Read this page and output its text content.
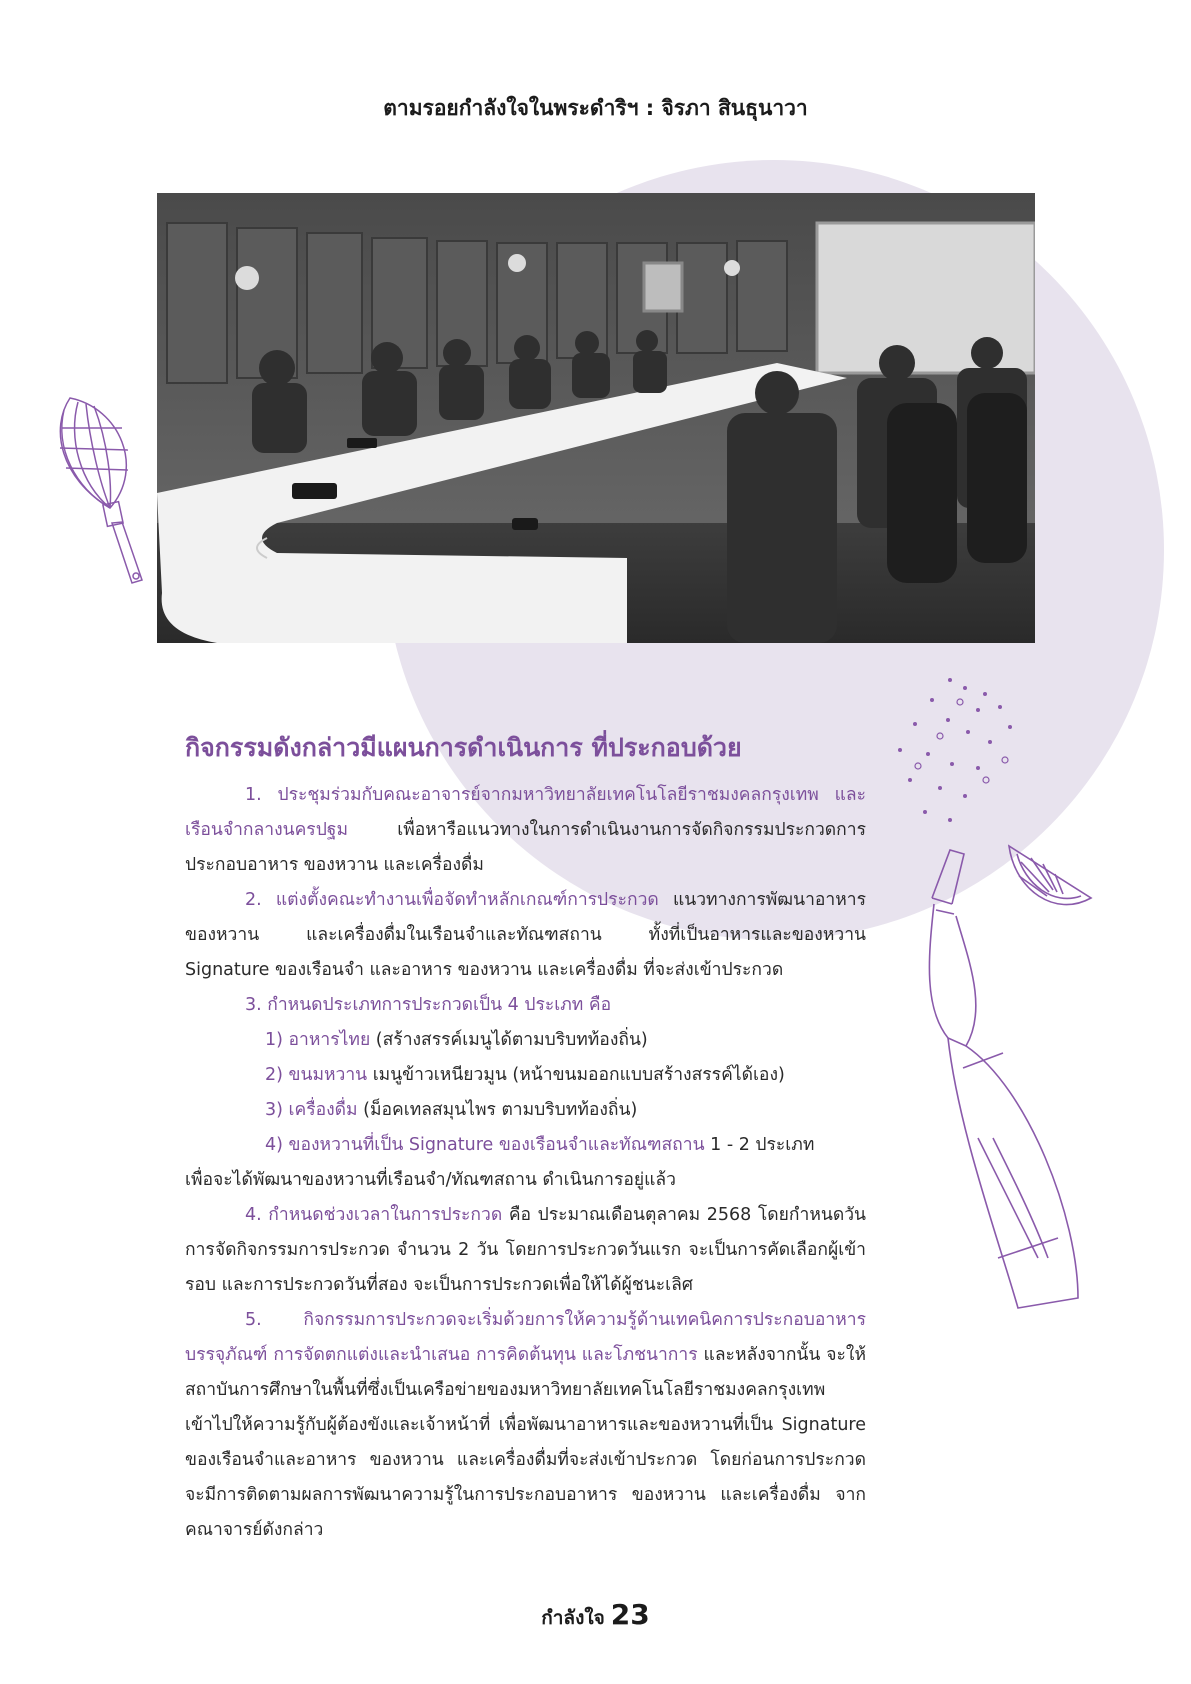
ตามรอยกำลังใจในพระดำริฯ : จิรภา สินธุนาวา
กิจกรรมดังกล่าวมีแผนการดำเนินการ ที่ประกอบด้วย

1. ประชุมร่วมกับคณะอาจารย์จากมหาวิทยาลัยเทคโนโลยีราชมงคลกรุงเทพ และเรือนจำกลางนครปฐม เพื่อหารือแนวทางในการดำเนินงานการจัดกิจกรรมประกวดการประกอบอาหาร ของหวาน และเครื่องดื่ม

2. แต่งตั้งคณะทำงานเพื่อจัดทำหลักเกณฑ์การประกวด แนวทางการพัฒนาอาหาร ของหวาน และเครื่องดื่มในเรือนจำและทัณฑสถาน ทั้งที่เป็นอาหารและของหวาน Signature ของเรือนจำ และอาหาร ของหวาน และเครื่องดื่ม ที่จะส่งเข้าประกวด

3. กำหนดประเภทการประกวดเป็น 4 ประเภท คือ

1) อาหารไทย (สร้างสรรค์เมนูได้ตามบริบทท้องถิ่น)

2) ขนมหวาน เมนูข้าวเหนียวมูน (หน้าขนมออกแบบสร้างสรรค์ได้เอง)

3) เครื่องดื่ม (ม็อคเทลสมุนไพร ตามบริบทท้องถิ่น)

4) ของหวานที่เป็น Signature ของเรือนจำและทัณฑสถาน 1 - 2 ประเภท

เพื่อจะได้พัฒนาของหวานที่เรือนจำ/ทัณฑสถาน ดำเนินการอยู่แล้ว

4. กำหนดช่วงเวลาในการประกวด คือ ประมาณเดือนตุลาคม 2568 โดยกำหนดวันการจัดกิจกรรมการประกวด จำนวน 2 วัน โดยการประกวดวันแรก จะเป็นการคัดเลือกผู้เข้ารอบ และการประกวดวันที่สอง จะเป็นการประกวดเพื่อให้ได้ผู้ชนะเลิศ

5. กิจกรรมการประกวดจะเริ่มด้วยการให้ความรู้ด้านเทคนิคการประกอบอาหาร บรรจุภัณฑ์ การจัดตกแต่งและนำเสนอ การคิดต้นทุน และโภชนาการ และหลังจากนั้น จะให้สถาบันการศึกษาในพื้นที่ซึ่งเป็นเครือข่ายของมหาวิทยาลัยเทคโนโลยีราชมงคลกรุงเทพ เข้าไปให้ความรู้กับผู้ต้องขังและเจ้าหน้าที่ เพื่อพัฒนาอาหารและของหวานที่เป็น Signature ของเรือนจำและอาหาร ของหวาน และเครื่องดื่มที่จะส่งเข้าประกวด โดยก่อนการประกวด จะมีการติดตามผลการพัฒนาความรู้ในการประกอบอาหาร ของหวาน และเครื่องดื่ม จากคณาจารย์ดังกล่าว

กำลังใจ 23
